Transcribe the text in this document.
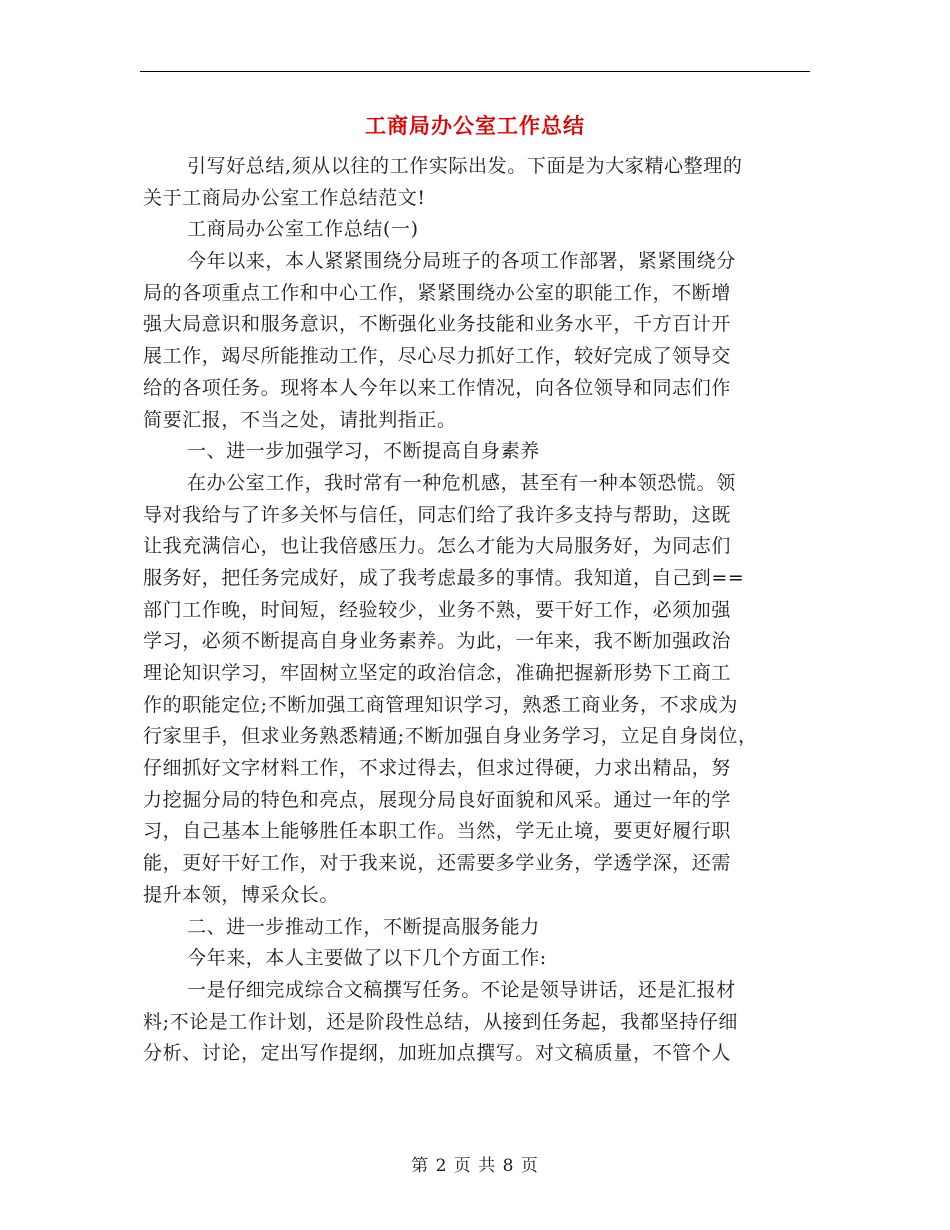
工商局办公室工作总结
引写好总结,须从以往的工作实际出发。下面是为大家精心整理的
关于工商局办公室工作总结范文!
工商局办公室工作总结(一)
今年以来，本人紧紧围绕分局班子的各项工作部署，紧紧围绕分
局的各项重点工作和中心工作，紧紧围绕办公室的职能工作，不断增
强大局意识和服务意识，不断强化业务技能和业务水平，千方百计开
展工作，竭尽所能推动工作，尽心尽力抓好工作，较好完成了领导交
给的各项任务。现将本人今年以来工作情况，向各位领导和同志们作
简要汇报，不当之处，请批判指正。
一、进一步加强学习，不断提高自身素养
在办公室工作，我时常有一种危机感，甚至有一种本领恐慌。领
导对我给与了许多关怀与信任，同志们给了我许多支持与帮助，这既
让我充满信心，也让我倍感压力。怎么才能为大局服务好，为同志们
服务好，把任务完成好，成了我考虑最多的事情。我知道，自己到==
部门工作晚，时间短，经验较少，业务不熟，要干好工作，必须加强
学习，必须不断提高自身业务素养。为此，一年来，我不断加强政治
理论知识学习，牢固树立坚定的政治信念，准确把握新形势下工商工
作的职能定位;不断加强工商管理知识学习，熟悉工商业务，不求成为
行家里手，但求业务熟悉精通;不断加强自身业务学习，立足自身岗位，
仔细抓好文字材料工作，不求过得去，但求过得硬，力求出精品，努
力挖掘分局的特色和亮点，展现分局良好面貌和风采。通过一年的学
习，自己基本上能够胜任本职工作。当然，学无止境，要更好履行职
能，更好干好工作，对于我来说，还需要多学业务，学透学深，还需
提升本领，博采众长。
二、进一步推动工作，不断提高服务能力
今年来，本人主要做了以下几个方面工作:
一是仔细完成综合文稿撰写任务。不论是领导讲话，还是汇报材
料;不论是工作计划，还是阶段性总结，从接到任务起，我都坚持仔细
分析、讨论，定出写作提纲，加班加点撰写。对文稿质量，不管个人
第 2 页 共 8 页
